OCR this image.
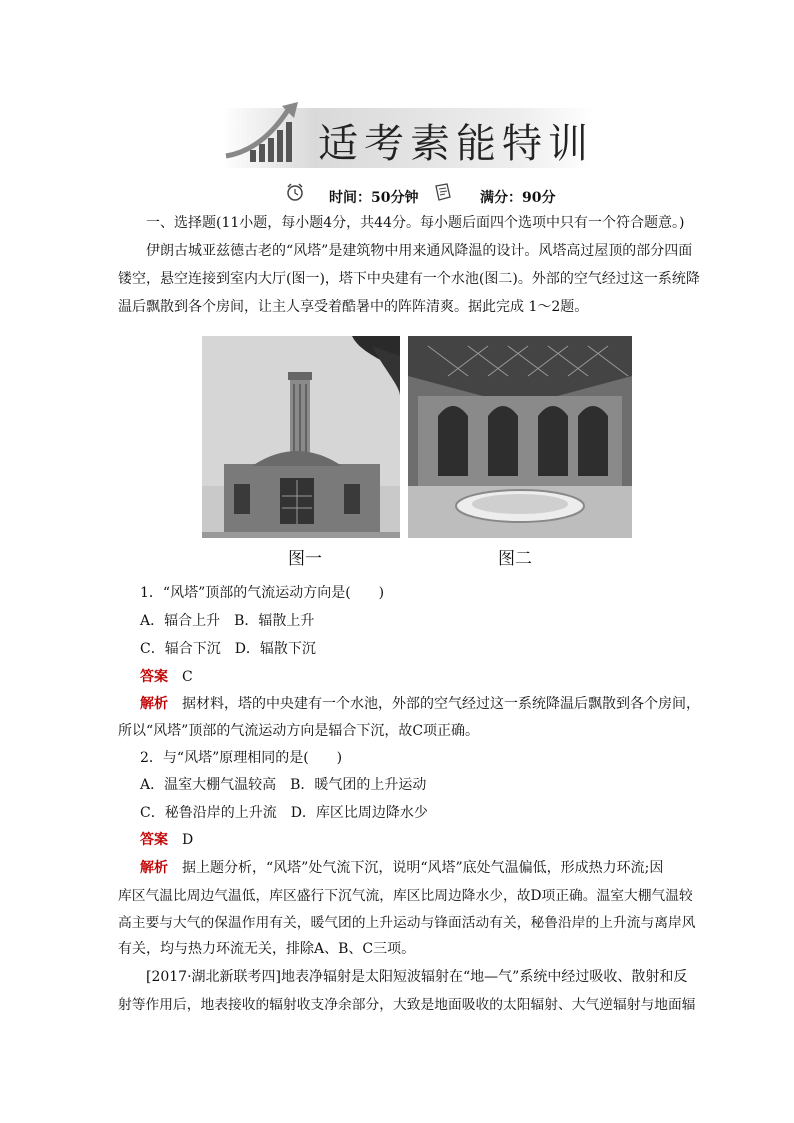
适考素能特训
时间：50分钟	满分：90分
一、选择题(11小题，每小题4分，共44分。每小题后面四个选项中只有一个符合题意。)
伊朗古城亚兹德古老的“风塔”是建筑物中用来通风降温的设计。风塔高过屋顶的部分四面
镂空，悬空连接到室内大厅(图一)，塔下中央建有一个水池(图二)。外部的空气经过这一系统降
温后飘散到各个房间，让主人享受着酷暑中的阵阵清爽。据此完成 1～2题。
图一	图二
1．“风塔”顶部的气流运动方向是(　　)
A．辐合上升　B．辐散上升
C．辐合下沉　D．辐散下沉
答案 C
解析 据材料，塔的中央建有一个水池，外部的空气经过这一系统降温后飘散到各个房间，
所以“风塔”顶部的气流运动方向是辐合下沉，故C项正确。
2．与“风塔”原理相同的是(　　)
A．温室大棚气温较高　B．暖气团的上升运动
C．秘鲁沿岸的上升流　D．库区比周边降水少
答案 D
解析 据上题分析，“风塔”处气流下沉，说明“风塔”底处气温偏低，形成热力环流;因
库区气温比周边气温低，库区盛行下沉气流，库区比周边降水少，故D项正确。温室大棚气温较
高主要与大气的保温作用有关，暖气团的上升运动与锋面活动有关，秘鲁沿岸的上升流与离岸风
有关，均与热力环流无关，排除A、B、C三项。
[2017·湖北新联考四]地表净辐射是太阳短波辐射在“地—气”系统中经过吸收、散射和反
射等作用后，地表接收的辐射收支净余部分，大致是地面吸收的太阳辐射、大气逆辐射与地面辐
